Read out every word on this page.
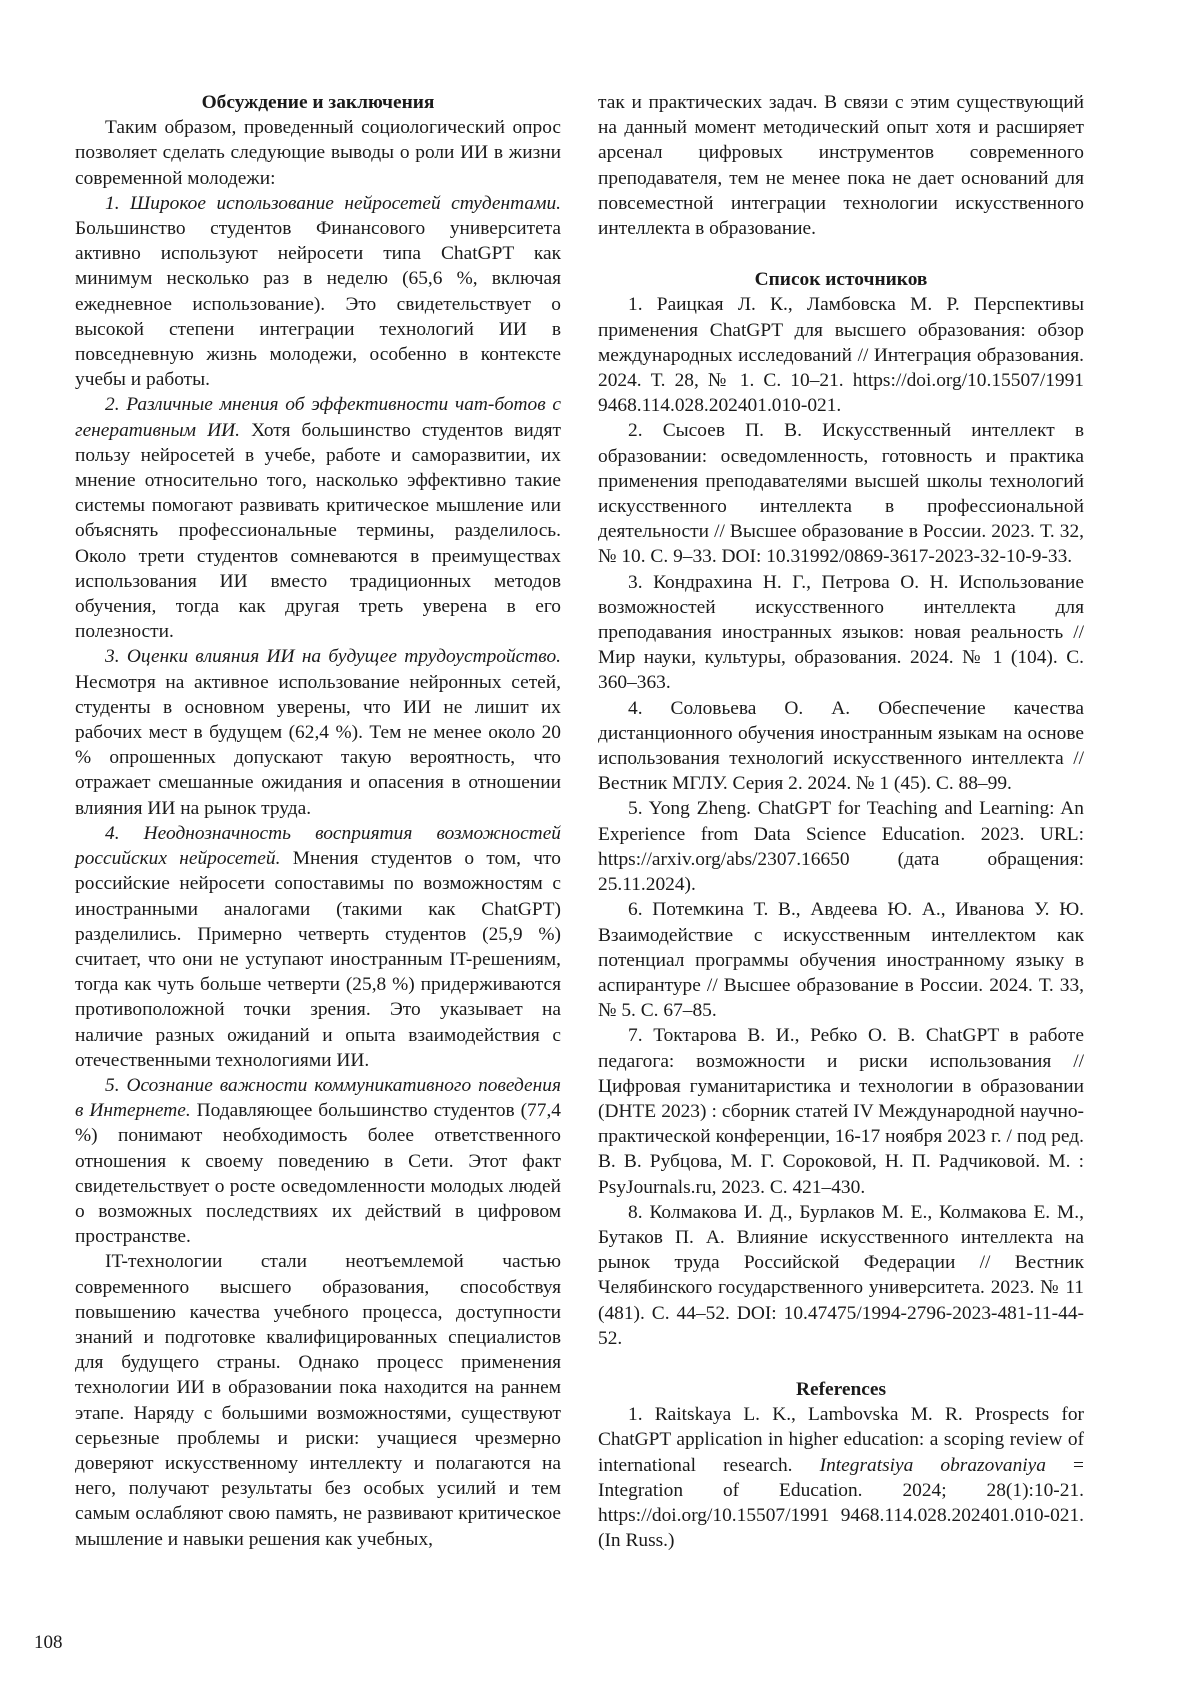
Обсуждение и заключения

Таким образом, проведенный социологический опрос позволяет сделать следующие выводы о роли ИИ в жизни современной молодежи:

1. Широкое использование нейросетей студентами. Большинство студентов Финансового университета активно используют нейросети типа ChatGPT как минимум несколько раз в неделю (65,6 %, включая ежедневное использование). Это свидетельствует о высокой степени интеграции технологий ИИ в повседневную жизнь молодежи, особенно в контексте учебы и работы.

2. Различные мнения об эффективности чат-ботов с генеративным ИИ. Хотя большинство студентов видят пользу нейросетей в учебе, работе и саморазвитии, их мнение относительно того, насколько эффективно такие системы помогают развивать критическое мышление или объяснять профессиональные термины, разделилось. Около трети студентов сомневаются в преимуществах использования ИИ вместо традиционных методов обучения, тогда как другая треть уверена в его полезности.

3. Оценки влияния ИИ на будущее трудоустройство. Несмотря на активное использование нейронных сетей, студенты в основном уверены, что ИИ не лишит их рабочих мест в будущем (62,4 %). Тем не менее около 20 % опрошенных допускают такую вероятность, что отражает смешанные ожидания и опасения в отношении влияния ИИ на рынок труда.

4. Неоднозначность восприятия возможностей российских нейросетей. Мнения студентов о том, что российские нейросети сопоставимы по возможностям с иностранными аналогами (такими как ChatGPT) разделились. Примерно четверть студентов (25,9 %) считает, что они не уступают иностранным IT-решениям, тогда как чуть больше четверти (25,8 %) придерживаются противоположной точки зрения. Это указывает на наличие разных ожиданий и опыта взаимодействия с отечественными технологиями ИИ.

5. Осознание важности коммуникативного поведения в Интернете. Подавляющее большинство студентов (77,4 %) понимают необходимость более ответственного отношения к своему поведению в Сети. Этот факт свидетельствует о росте осведомленности молодых людей о возможных последствиях их действий в цифровом пространстве.

IT-технологии стали неотъемлемой частью современного высшего образования, способствуя повышению качества учебного процесса, доступности знаний и подготовке квалифицированных специалистов для будущего страны. Однако процесс применения технологии ИИ в образовании пока находится на раннем этапе. Наряду с большими возможностями, существуют серьезные проблемы и риски: учащиеся чрезмерно доверяют искусственному интеллекту и полагаются на него, получают результаты без особых усилий и тем самым ослабляют свою память, не развивают критическое мышление и навыки решения как учебных,

так и практических задач. В связи с этим существующий на данный момент методический опыт хотя и расширяет арсенал цифровых инструментов современного преподавателя, тем не менее пока не дает оснований для повсеместной интеграции технологии искусственного интеллекта в образование.

Список источников

1. Раицкая Л. К., Ламбовска М. Р. Перспективы применения ChatGPT для высшего образования: обзор международных исследований // Интеграция образования. 2024. Т. 28, № 1. С. 10–21. https://doi.org/10.15507/1991 9468.114.028.202401.010-021.

2. Сысоев П. В. Искусственный интеллект в образовании: осведомленность, готовность и практика применения преподавателями высшей школы технологий искусственного интеллекта в профессиональной деятельности // Высшее образование в России. 2023. Т. 32, № 10. С. 9–33. DOI: 10.31992/0869-3617-2023-32-10-9-33.

3. Кондрахина Н. Г., Петрова О. Н. Использование возможностей искусственного интеллекта для преподавания иностранных языков: новая реальность // Мир науки, культуры, образования. 2024. № 1 (104). С. 360–363.

4. Соловьева О. А. Обеспечение качества дистанционного обучения иностранным языкам на основе использования технологий искусственного интеллекта // Вестник МГЛУ. Серия 2. 2024. № 1 (45). С. 88–99.

5. Yong Zheng. ChatGPT for Teaching and Learning: An Experience from Data Science Education. 2023. URL: https://arxiv.org/abs/2307.16650 (дата обращения: 25.11.2024).

6. Потемкина Т. В., Авдеева Ю. А., Иванова У. Ю. Взаимодействие с искусственным интеллектом как потенциал программы обучения иностранному языку в аспирантуре // Высшее образование в России. 2024. Т. 33, № 5. С. 67–85.

7. Токтарова В. И., Ребко О. В. ChatGPT в работе педагога: возможности и риски использования // Цифровая гуманитаристика и технологии в образовании (DHTE 2023) : сборник статей IV Международной научно-практической конференции, 16-17 ноября 2023 г. / под ред. В. В. Рубцова, М. Г. Сороковой, Н. П. Радчиковой. М. : PsyJournals.ru, 2023. С. 421–430.

8. Колмакова И. Д., Бурлаков М. Е., Колмакова Е. М., Бутаков П. А. Влияние искусственного интеллекта на рынок труда Российской Федерации // Вестник Челябинского государственного университета. 2023. № 11 (481). С. 44–52. DOI: 10.47475/1994-2796-2023-481-11-44-52.

References

1. Raitskaya L. K., Lambovska M. R. Prospects for ChatGPT application in higher education: a scoping review of international research. Integratsiya obrazovaniya = Integration of Education. 2024; 28(1):10-21. https://doi.org/10.15507/1991 9468.114.028.202401.010-021. (In Russ.)

108
